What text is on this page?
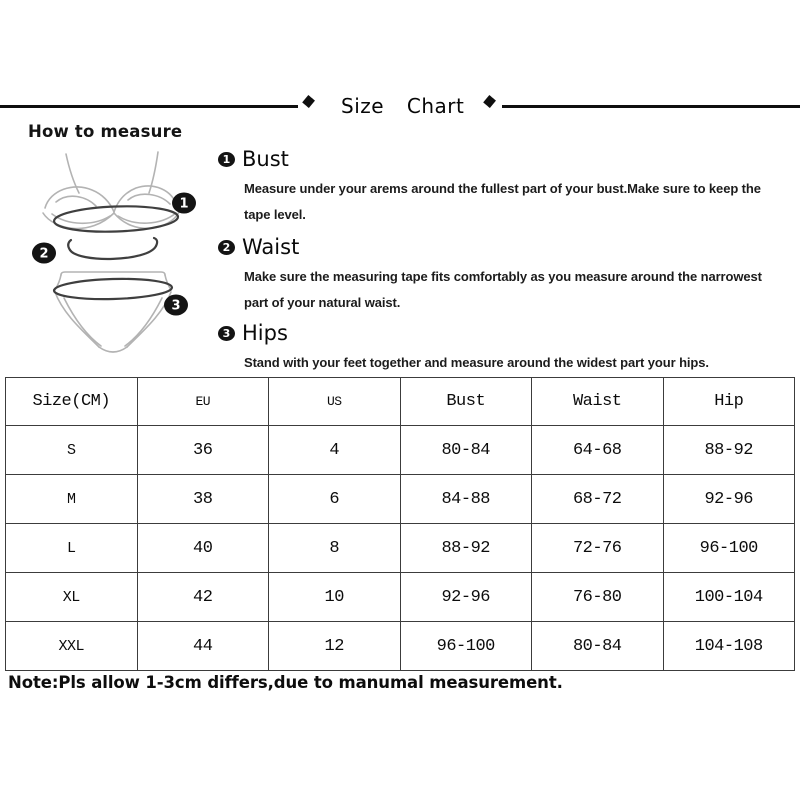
◆ Size Chart ◆
How to measure
1
2
3
1 Bust

Measure under your arems around the fullest part of your bust.Make sure to keep the tape level.

2 Waist

Make sure the measuring tape fits comfortably as you measure around the narrowest part of your natural waist.

3 Hips

Stand with your feet together and measure around the widest part your hips.

Size(CM)	EU	US	Bust	Waist	Hip
S	36	4	80-84	64-68	88-92
M	38	6	84-88	68-72	92-96
L	40	8	88-92	72-76	96-100
XL	42	10	92-96	76-80	100-104
XXL	44	12	96-100	80-84	104-108
Note:Pls allow 1-3cm differs,due to manumal measurement.
